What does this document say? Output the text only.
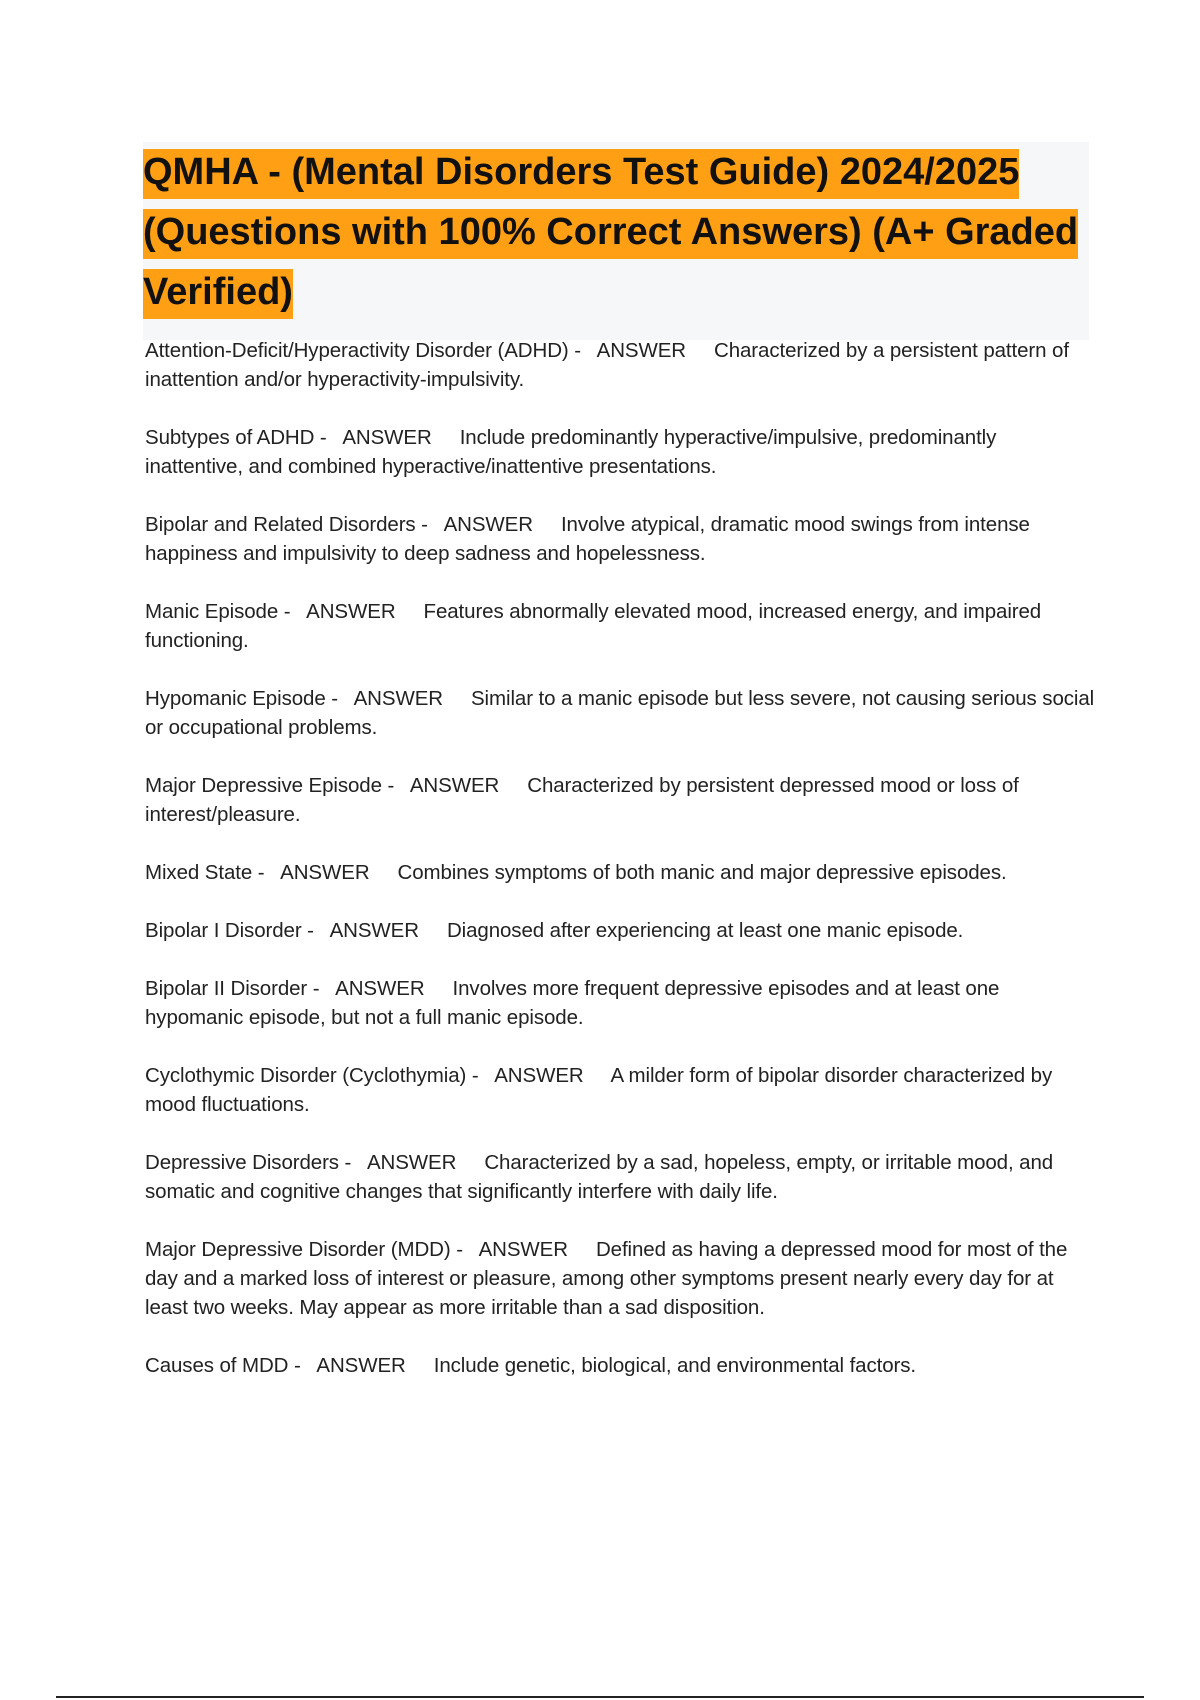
QMHA - (Mental Disorders Test Guide) 2024/2025 (Questions with 100% Correct Answers) (A+ Graded Verified)
Attention-Deficit/Hyperactivity Disorder (ADHD) -   ANSWER Characterized by a persistent pattern of inattention and/or hyperactivity-impulsivity.
Subtypes of ADHD -   ANSWER Include predominantly hyperactive/impulsive, predominantly inattentive, and combined hyperactive/inattentive presentations.
Bipolar and Related Disorders -   ANSWER Involve atypical, dramatic mood swings from intense happiness and impulsivity to deep sadness and hopelessness.
Manic Episode -   ANSWER Features abnormally elevated mood, increased energy, and impaired functioning.
Hypomanic Episode -   ANSWER Similar to a manic episode but less severe, not causing serious social or occupational problems.
Major Depressive Episode -   ANSWER Characterized by persistent depressed mood or loss of interest/pleasure.
Mixed State -   ANSWER Combines symptoms of both manic and major depressive episodes.
Bipolar I Disorder -   ANSWER Diagnosed after experiencing at least one manic episode.
Bipolar II Disorder -   ANSWER Involves more frequent depressive episodes and at least one hypomanic episode, but not a full manic episode.
Cyclothymic Disorder (Cyclothymia) -   ANSWER A milder form of bipolar disorder characterized by mood fluctuations.
Depressive Disorders -   ANSWER Characterized by a sad, hopeless, empty, or irritable mood, and somatic and cognitive changes that significantly interfere with daily life.
Major Depressive Disorder (MDD) -   ANSWER Defined as having a depressed mood for most of the day and a marked loss of interest or pleasure, among other symptoms present nearly every day for at least two weeks. May appear as more irritable than a sad disposition.
Causes of MDD -   ANSWER Include genetic, biological, and environmental factors.
